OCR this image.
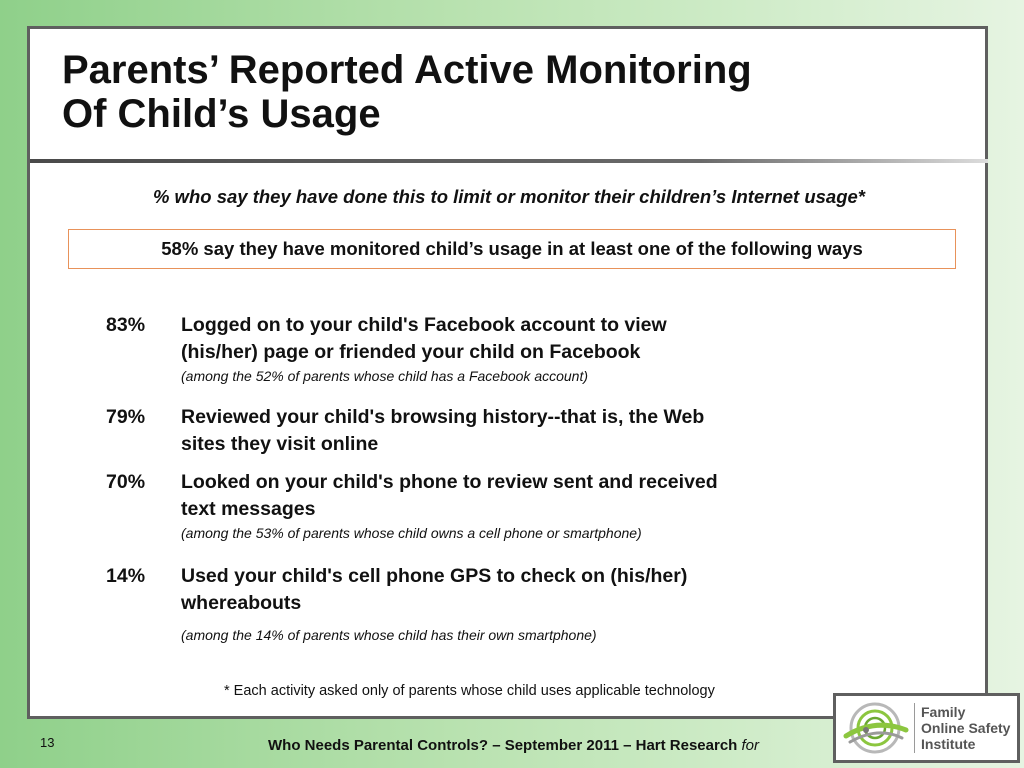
Parents’ Reported Active Monitoring
Of Child’s Usage
% who say they have done this to limit or monitor their children’s Internet usage*
58% say they have monitored child’s usage in at least one of the following ways
83%	Logged on to your child's Facebook account to view
(his/her) page or friended your child on Facebook
(among the 52% of parents whose child has a Facebook account)
79%	Reviewed your child's browsing history--that is, the Web
sites they visit online
70%	Looked on your child's phone to review sent and received
text messages
(among the 53% of parents whose child owns a cell phone or smartphone)
14%	Used your child's cell phone GPS to check on (his/her)
whereabouts
(among the 14% of parents whose child has their own smartphone)
* Each activity asked only of parents whose child uses applicable technology
13	Who Needs Parental Controls? – September 2011 – Hart Research for
Family
Online Safety
Institute
